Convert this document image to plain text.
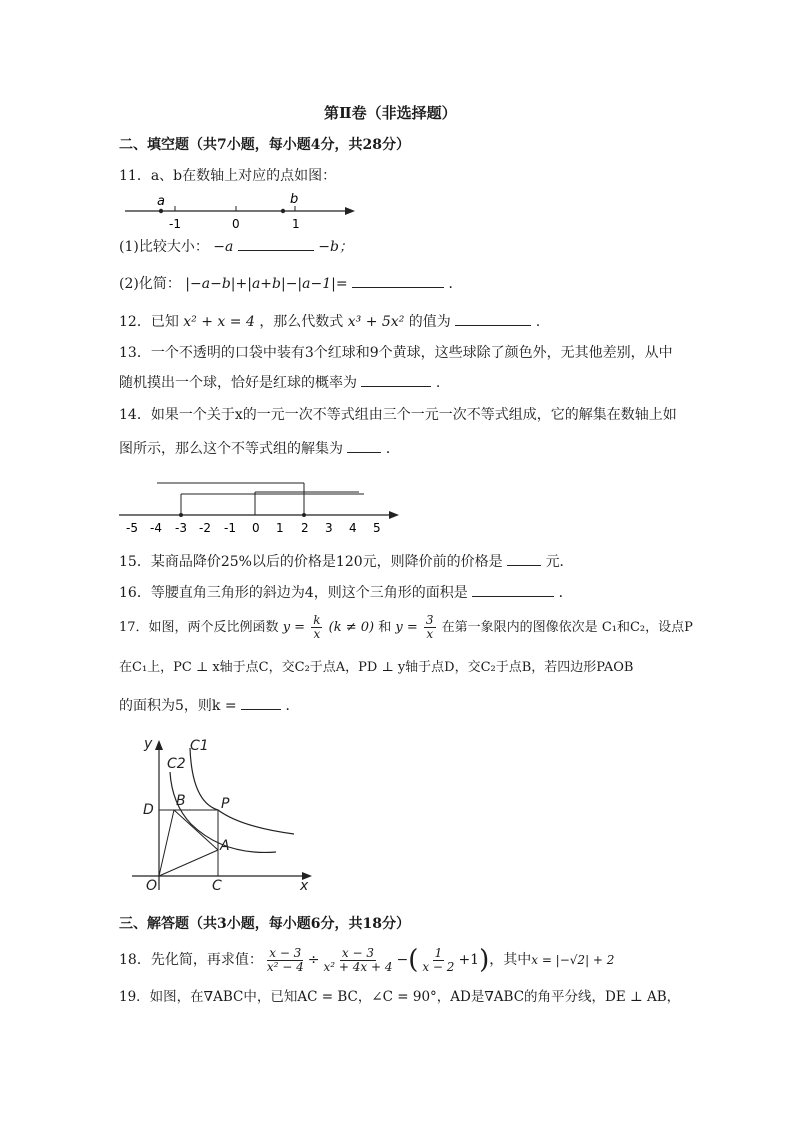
第Ⅱ卷（非选择题）
二、填空题（共7小题，每小题4分，共28分）
11．a、b在数轴上对应的点如图：
a	b
-1	0	1
(1)比较大小： −a	−b；
(2)化简： |−a−b|+|a+b|−|a−1|=	．
12．已知 x² + x = 4 ，那么代数式 x³ + 5x² 的值为	.
13．一个不透明的口袋中装有3个红球和9个黄球，这些球除了颜色外，无其他差别，从中
随机摸出一个球，恰好是红球的概率为	.
14．如果一个关于x的一元一次不等式组由三个一元一次不等式组成，它的解集在数轴上如
图所示，那么这个不等式组的解集为	．
-5 -4 -3 -2 -1 0 1 2 3 4 5
15．某商品降价25%以后的价格是120元，则降价前的价格是	元．
16．等腰直角三角形的斜边为4，则这个三角形的面积是	．
17．如图，两个反比例函数 $y = \frac{k}{x} (k \ne 0)$ 和 $y = \frac{3}{x}$ 在第一象限内的图像依次是 C₁和C₂，设点P
在C₁上，PC ⊥ x轴于点C，交C₂于点A，PD ⊥ y轴于点D，交C₂于点B，若四边形PAOB
的面积为5，则k =	．
y	C1
C2
D
B	P
A
O	C	x
三、解答题（共3小题，每小题6分，共18分）
18．先化简，再求值： $\frac{x - 3}{\text{x² − 4}} \div \frac{x - 3}{\text{x² + 4x + 4}}$ − ( $\frac{1}{x - 2} +1$ ) ，其中 x = |−√2| + 2
19．如图，在∇ABC中，已知AC = BC，∠C = 90°，AD是∇ABC的角平分线，DE ⊥ AB，
